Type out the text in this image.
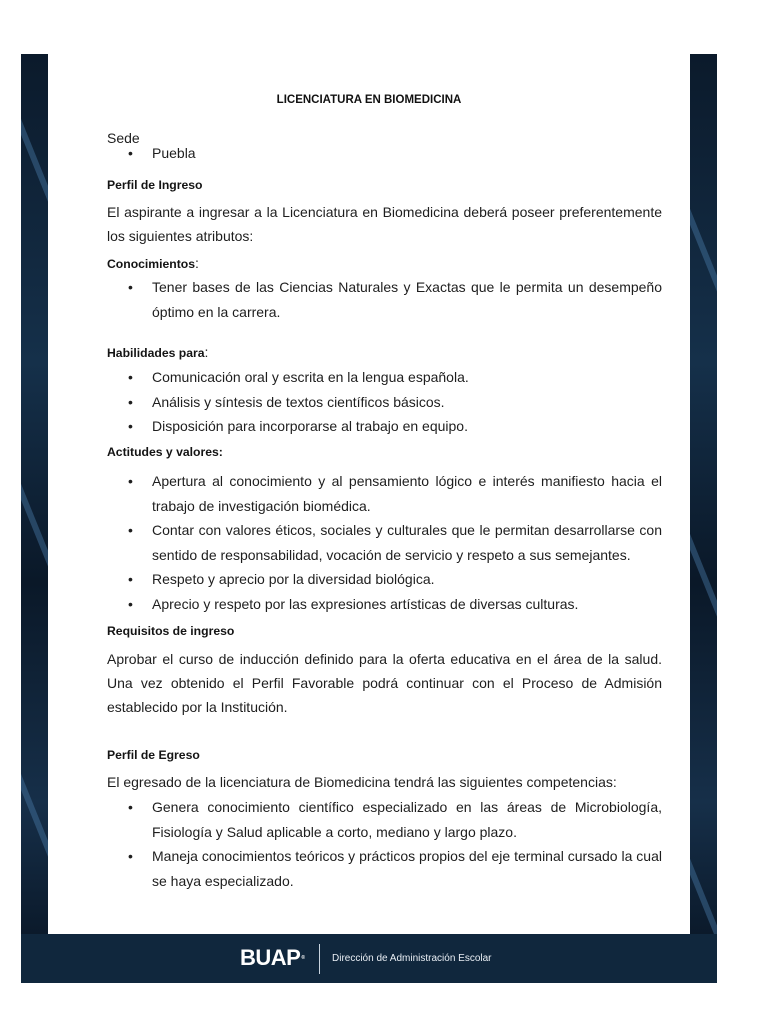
LICENCIATURA EN BIOMEDICINA
Sede
• Puebla
Perfil de Ingreso
El aspirante a ingresar a la Licenciatura en Biomedicina deberá poseer preferentemente los siguientes atributos:
Conocimientos:
• Tener bases de las Ciencias Naturales y Exactas que le permita un desempeño óptimo en la carrera.
Habilidades para:
• Comunicación oral y escrita en la lengua española.
• Análisis y síntesis de textos científicos básicos.
• Disposición para incorporarse al trabajo en equipo.
Actitudes y valores:
• Apertura al conocimiento y al pensamiento lógico e interés manifiesto hacia el trabajo de investigación biomédica.
• Contar con valores éticos, sociales y culturales que le permitan desarrollarse con sentido de responsabilidad, vocación de servicio y respeto a sus semejantes.
• Respeto y aprecio por la diversidad biológica.
• Aprecio y respeto por las expresiones artísticas de diversas culturas.
Requisitos de ingreso
Aprobar el curso de inducción definido para la oferta educativa en el área de la salud. Una vez obtenido el Perfil Favorable podrá continuar con el Proceso de Admisión establecido por la Institución.
Perfil de Egreso
El egresado de la licenciatura de Biomedicina tendrá las siguientes competencias:
• Genera conocimiento científico especializado en las áreas de Microbiología, Fisiología y Salud aplicable a corto, mediano y largo plazo.
• Maneja conocimientos teóricos y prácticos propios del eje terminal cursado la cual se haya especializado.
BUAP®	Dirección de Administración Escolar
